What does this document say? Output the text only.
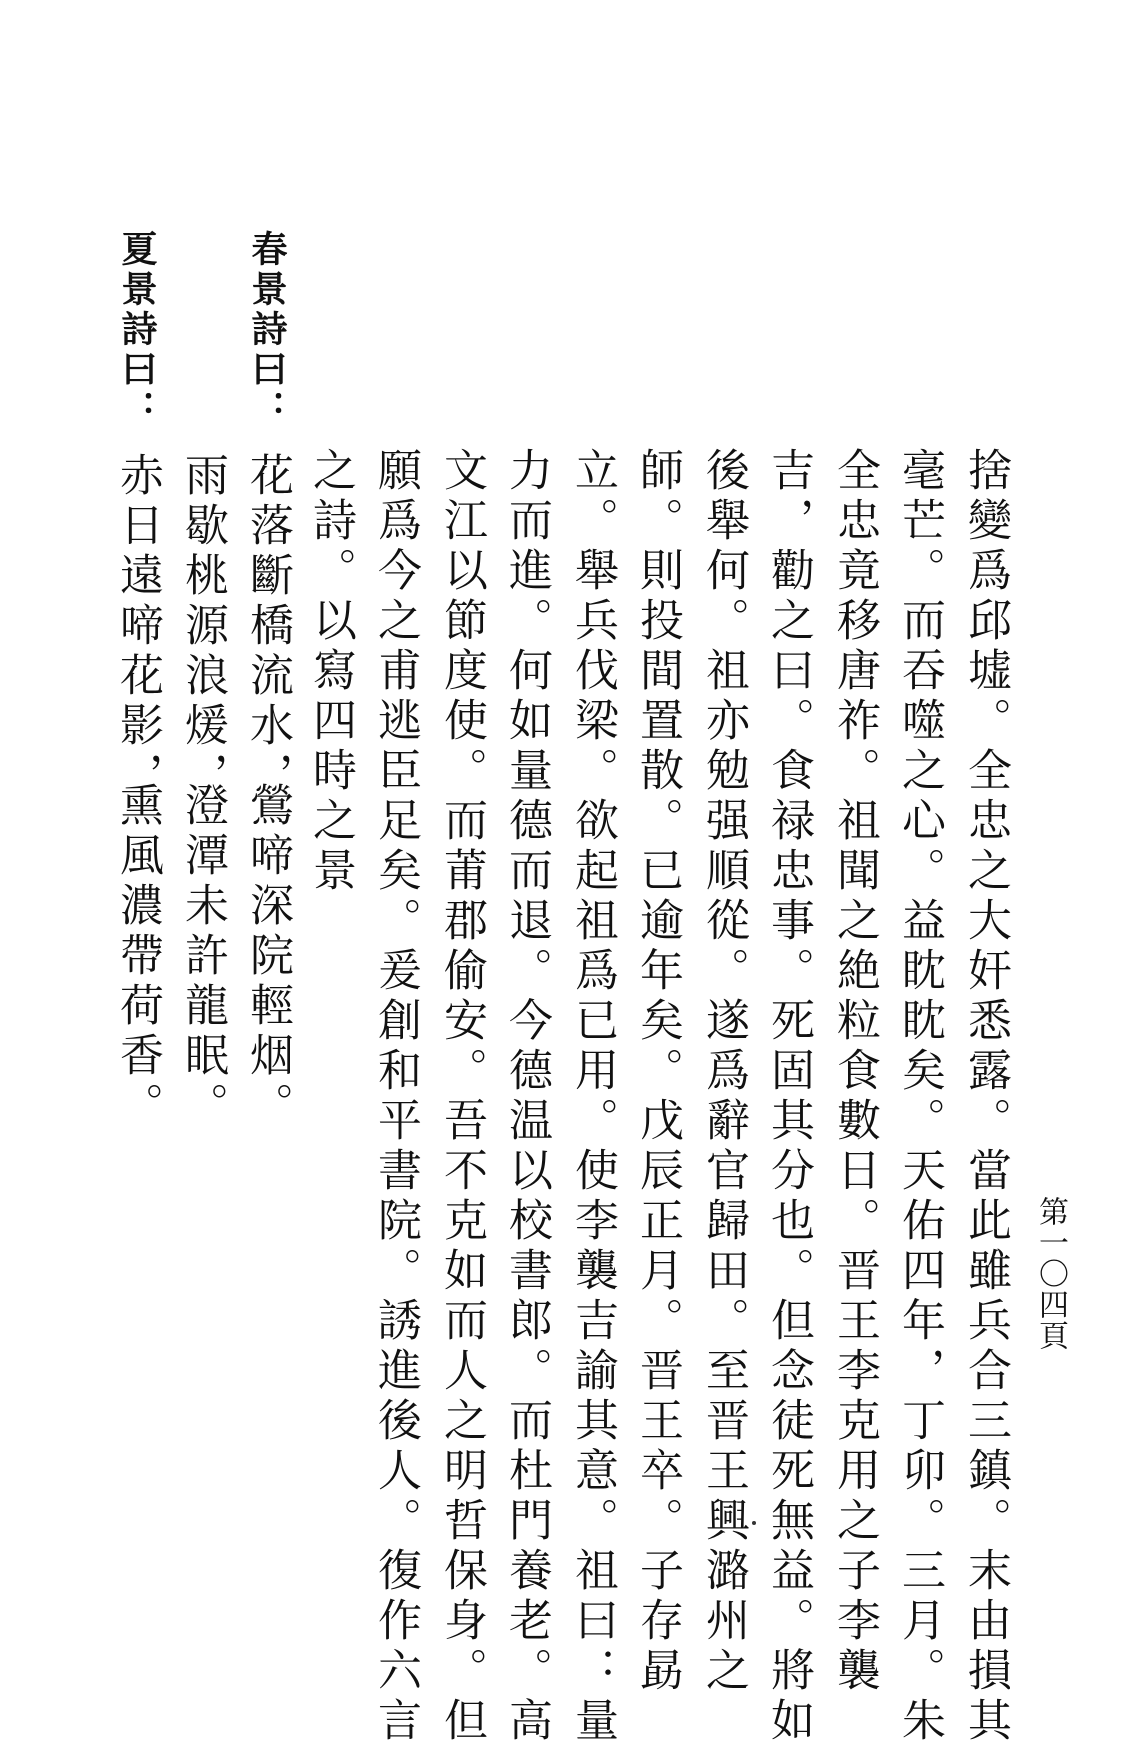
第一〇四頁
捨變爲邱墟。全忠之大奸悉露。當此雖兵合三鎮。末由損其
毫芒。而吞噬之心。益眈眈矣。天佑四年，丁卯。三月。朱
全忠竟移唐祚。祖聞之絶粒食數日。晋王李克用之子李襲
吉，勸之曰。食禄忠事。死固其分也。但念徒死無益。將如
後舉何。祖亦勉强順從。遂爲辭官歸田。至晋王興潞州之
師。則投間置散。已逾年矣。戊辰正月。晋王卒。子存勗
立。舉兵伐梁。欲起祖爲已用。使李襲吉諭其意。祖曰：量
力而進。何如量德而退。今德温以校書郎。而杜門養老。高
文江以節度使。而莆郡偷安。吾不克如而人之明哲保身。但
願爲今之甫逃臣足矣。爰創和平書院。誘進後人。復作六言
之詩。以寫四時之景
春景詩曰：
花落斷橋流水，
鶯啼深院輕烟。
雨歇桃源浪煖，
澄潭未許龍眠。
夏景詩曰：
赤日遠啼花影，
熏風濃帶荷香。
